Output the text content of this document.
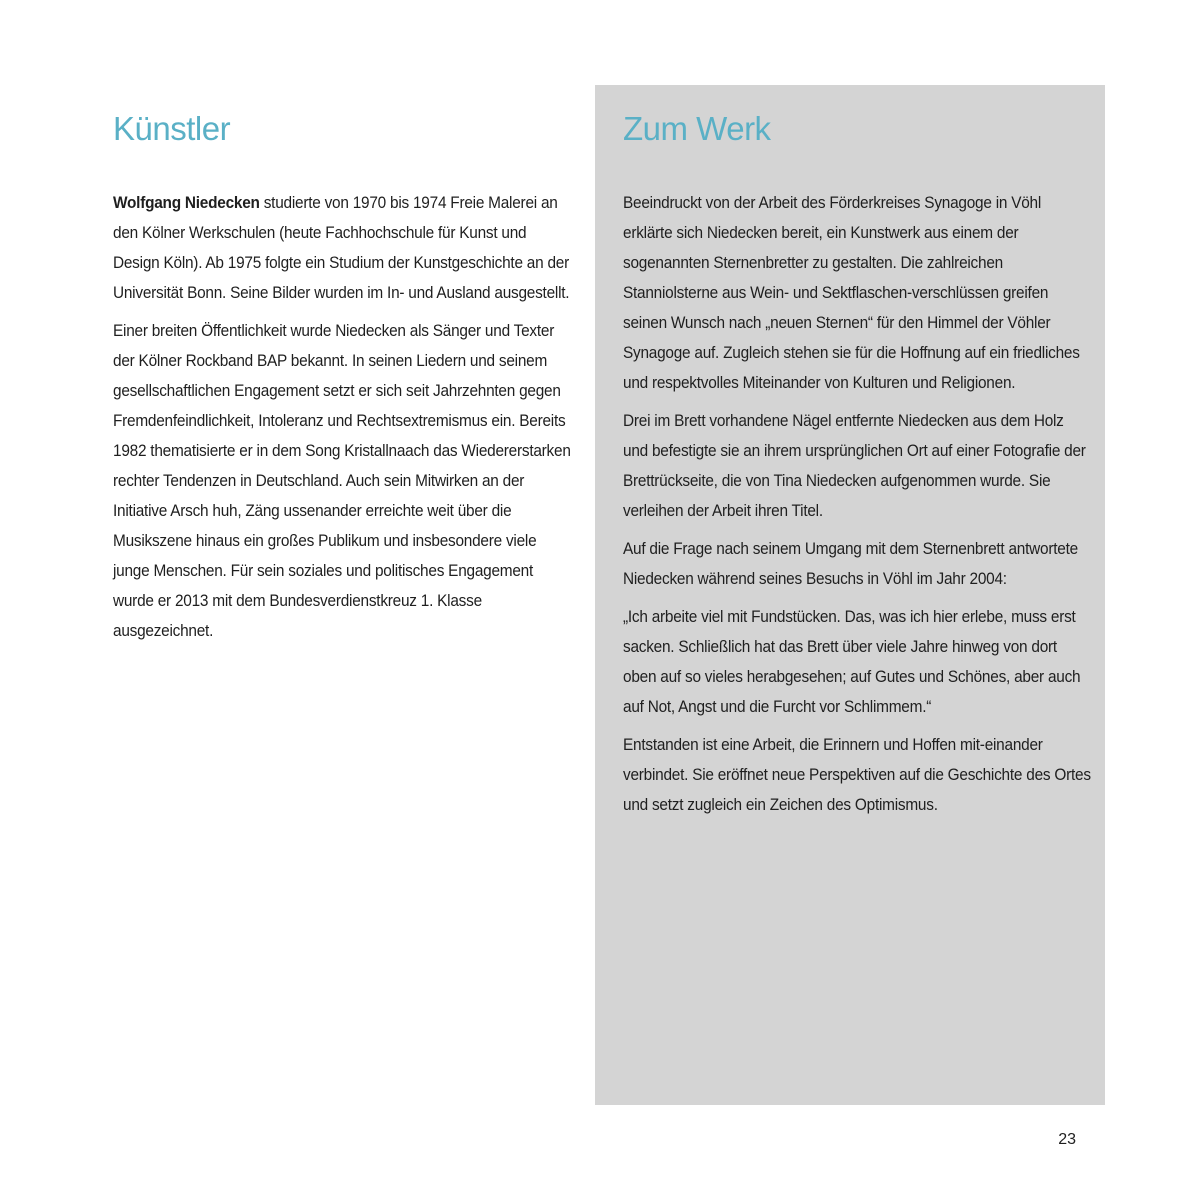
Künstler

Wolfgang Niedecken studierte von 1970 bis 1974 Freie Malerei an den Kölner Werkschulen (heute Fachhochschule für Kunst und Design Köln). Ab 1975 folgte ein Studium der Kunstgeschichte an der Universität Bonn. Seine Bilder wurden im In- und Ausland ausgestellt.

Einer breiten Öffentlichkeit wurde Niedecken als Sänger und Texter der Kölner Rockband BAP bekannt. In seinen Liedern und seinem gesellschaftlichen Engagement setzt er sich seit Jahrzehnten gegen Fremdenfeindlichkeit, Intoleranz und Rechtsextremismus ein. Bereits 1982 thematisierte er in dem Song Kristallnaach das Wiedererstarken rechter Tendenzen in Deutschland. Auch sein Mitwirken an der Initiative Arsch huh, Zäng ussenander erreichte weit über die Musikszene hinaus ein großes Publikum und insbesondere viele junge Menschen. Für sein soziales und politisches Engagement wurde er 2013 mit dem Bundesverdienstkreuz 1. Klasse ausgezeichnet.

Zum Werk

Beeindruckt von der Arbeit des Förderkreises Synagoge in Vöhl erklärte sich Niedecken bereit, ein Kunstwerk aus einem der sogenannten Sternenbretter zu gestalten. Die zahlreichen Stanniolsterne aus Wein- und Sektflaschen-verschlüssen greifen seinen Wunsch nach „neuen Sternen“ für den Himmel der Vöhler Synagoge auf. Zugleich stehen sie für die Hoffnung auf ein friedliches und respektvolles Miteinander von Kulturen und Religionen.

Drei im Brett vorhandene Nägel entfernte Niedecken aus dem Holz und befestigte sie an ihrem ursprünglichen Ort auf einer Fotografie der Brettrückseite, die von Tina Niedecken aufgenommen wurde. Sie verleihen der Arbeit ihren Titel.

Auf die Frage nach seinem Umgang mit dem Sternenbrett antwortete Niedecken während seines Besuchs in Vöhl im Jahr 2004:

„Ich arbeite viel mit Fundstücken. Das, was ich hier erlebe, muss erst sacken. Schließlich hat das Brett über viele Jahre hinweg von dort oben auf so vieles herabgesehen; auf Gutes und Schönes, aber auch auf Not, Angst und die Furcht vor Schlimmem.“

Entstanden ist eine Arbeit, die Erinnern und Hoffen mit-einander verbindet. Sie eröffnet neue Perspektiven auf die Geschichte des Ortes und setzt zugleich ein Zeichen des Optimismus.

23
